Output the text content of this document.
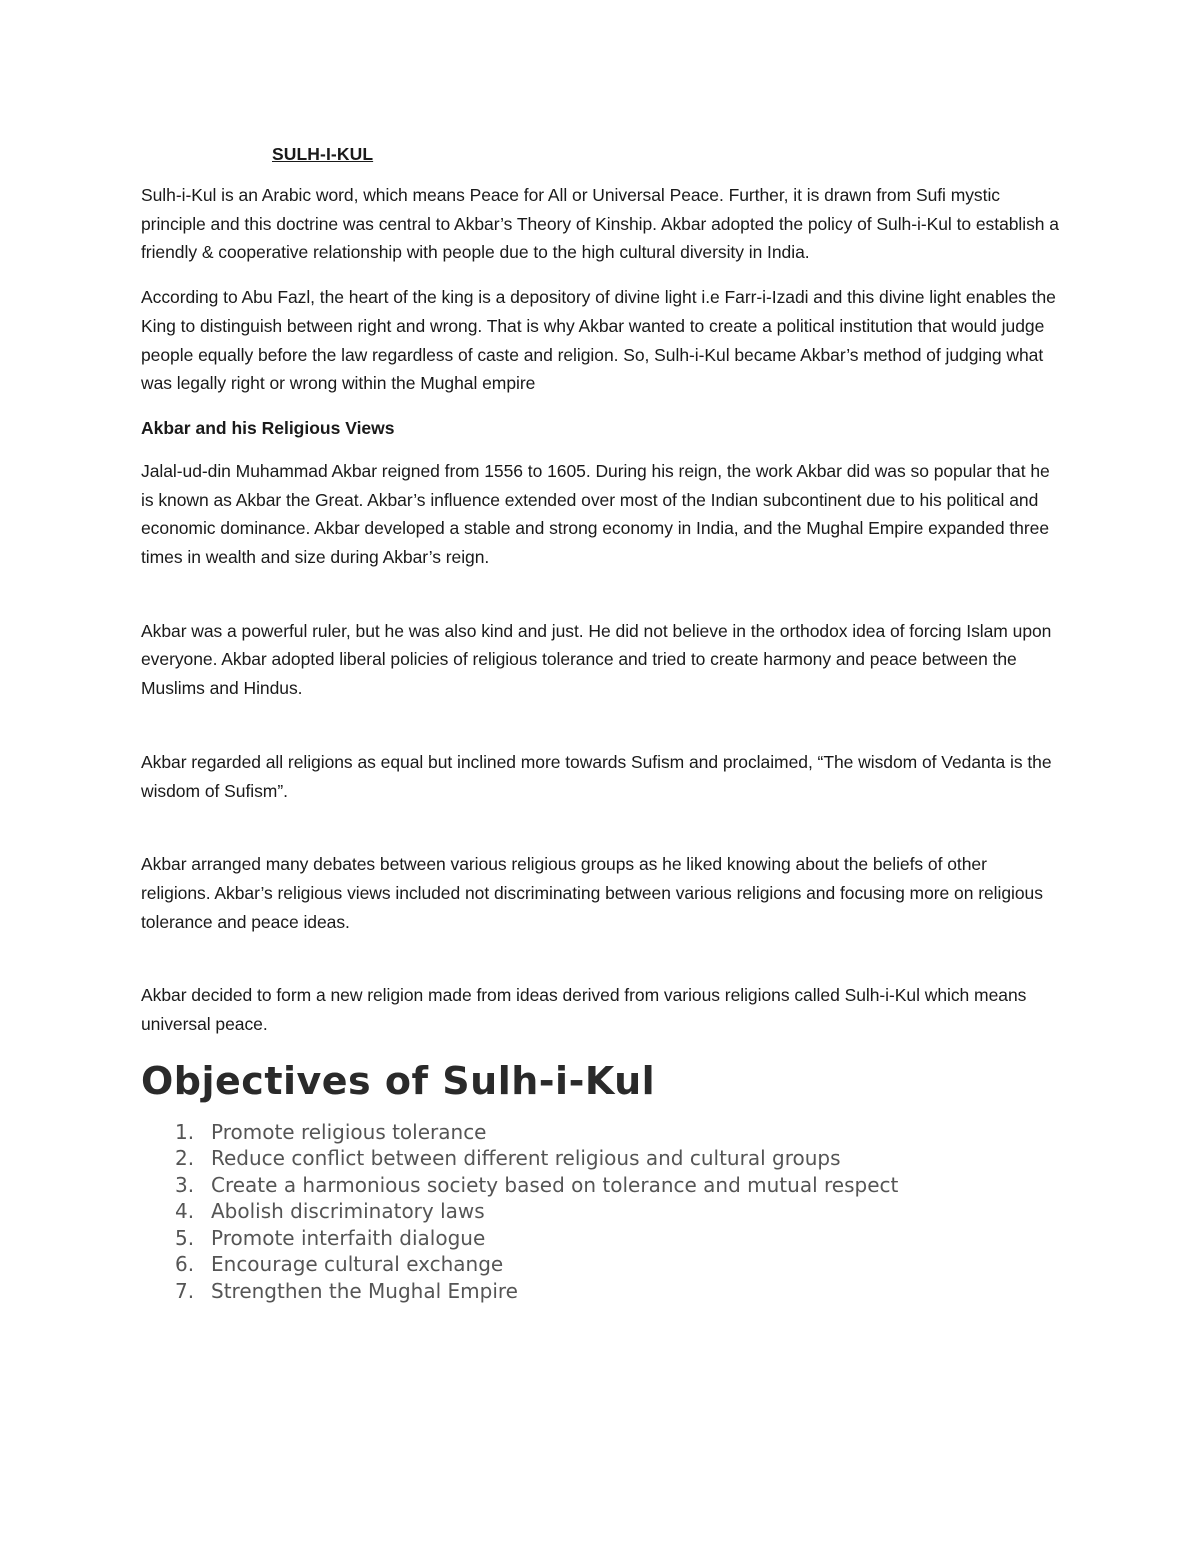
SULH-I-KUL

Sulh-i-Kul is an Arabic word, which means Peace for All or Universal Peace. Further, it is drawn from Sufi mystic principle and this doctrine was central to Akbar’s Theory of Kinship. Akbar adopted the policy of Sulh-i-Kul to establish a friendly & cooperative relationship with people due to the high cultural diversity in India.

According to Abu Fazl, the heart of the king is a depository of divine light i.e Farr-i-Izadi and this divine light enables the King to distinguish between right and wrong. That is why Akbar wanted to create a political institution that would judge people equally before the law regardless of caste and religion. So, Sulh-i-Kul became Akbar’s method of judging what was legally right or wrong within the Mughal empire

Akbar and his Religious Views

Jalal-ud-din Muhammad Akbar reigned from 1556 to 1605. During his reign, the work Akbar did was so popular that he is known as Akbar the Great. Akbar’s influence extended over most of the Indian subcontinent due to his political and economic dominance. Akbar developed a stable and strong economy in India, and the Mughal Empire expanded three times in wealth and size during Akbar’s reign.

Akbar was a powerful ruler, but he was also kind and just. He did not believe in the orthodox idea of forcing Islam upon everyone. Akbar adopted liberal policies of religious tolerance and tried to create harmony and peace between the Muslims and Hindus.

Akbar regarded all religions as equal but inclined more towards Sufism and proclaimed, “The wisdom of Vedanta is the wisdom of Sufism”.

Akbar arranged many debates between various religious groups as he liked knowing about the beliefs of other religions. Akbar’s religious views included not discriminating between various religions and focusing more on religious tolerance and peace ideas.

Akbar decided to form a new religion made from ideas derived from various religions called Sulh-i-Kul which means universal peace.

Objectives of Sulh-i-Kul
1. Promote religious tolerance
2. Reduce conflict between different religious and cultural groups
3. Create a harmonious society based on tolerance and mutual respect
4. Abolish discriminatory laws
5. Promote interfaith dialogue
6. Encourage cultural exchange
7. Strengthen the Mughal Empire
